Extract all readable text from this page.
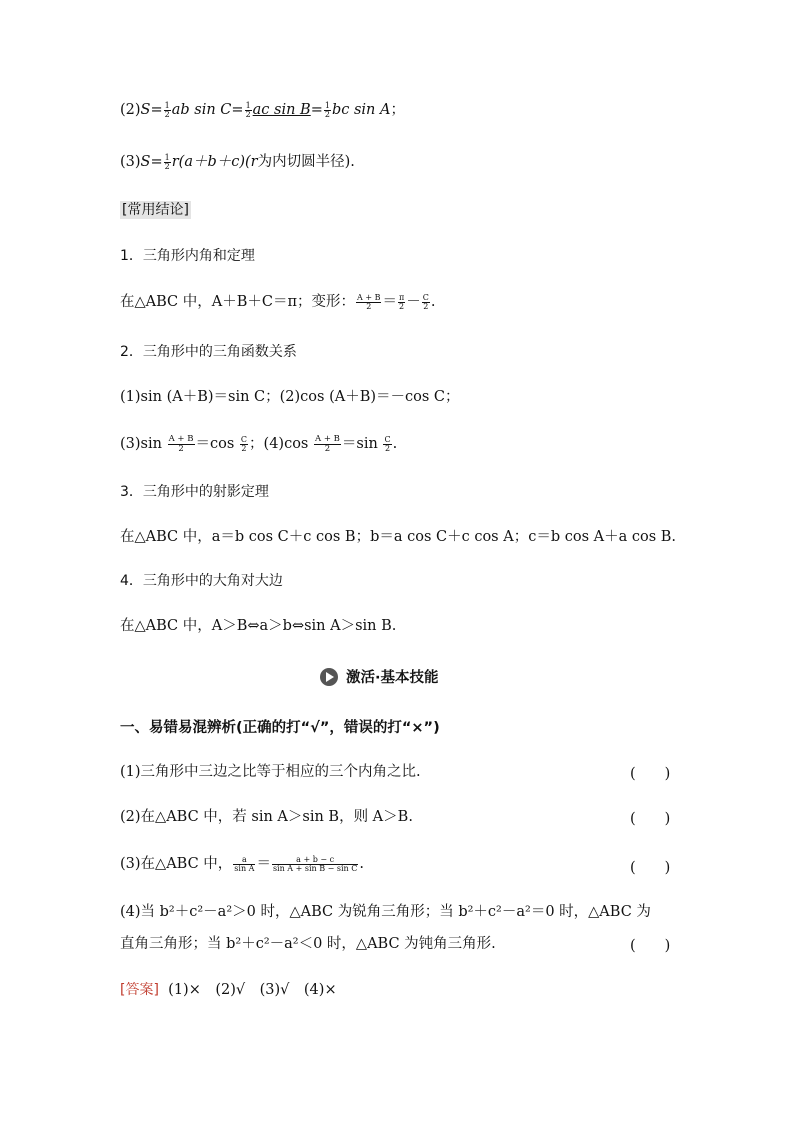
$(2)S= \frac{1}{2}$ ab $\sin C= \frac{1}{2}$ ac $\sin B= \frac{1}{2}$ bc sin A；
$(3)S= \frac{1}{2} r(a+b+c)(r$为内切圆半径).
[常用结论]
1．三角形内角和定理
在△ABC 中，A＋B＋C＝π；变形： $\frac{A + B}{2} = \frac{\pi}{2} - \frac{C}{2}$ .
2．三角形中的三角函数关系
(1)sin (A＋B)＝sin C；(2)cos (A＋B)＝－cos C；
$(3)\sin \frac{A + B}{2} =\cos \frac{C}{2}$ ；$(4)\cos \frac{A + B}{2} =\sin \frac{C}{2}$ .
3．三角形中的射影定理
在△ABC 中，a＝b cos C＋c cos B；b＝a cos C＋c cos A；c＝b cos A＋a cos B.
4．三角形中的大角对大边
在△ABC 中，A＞B⇔a＞b⇔sin A＞sin B.
激活·基本技能
一、易错易混辨析(正确的打“√”，错误的打“×”)
(1)三角形中三边之比等于相应的三个内角之比.	(　　)
(2)在△ABC 中，若 sin A＞sin B，则 A＞B.	(　　)
(3)在△ABC 中， $\frac{a}{\text{sin A}} = \frac{a + b - c}{\text{sin A + sin B − sin C}}$ .	(　　)
(4)当 b²＋c²－a²＞0 时，△ABC 为锐角三角形；当 b²＋c²－a²＝0 时，△ABC 为
直角三角形；当 b²＋c²－a²＜0 时，△ABC 为钝角三角形.	(　　)
[答案] (1)×　(2)√　(3)√　(4)×
